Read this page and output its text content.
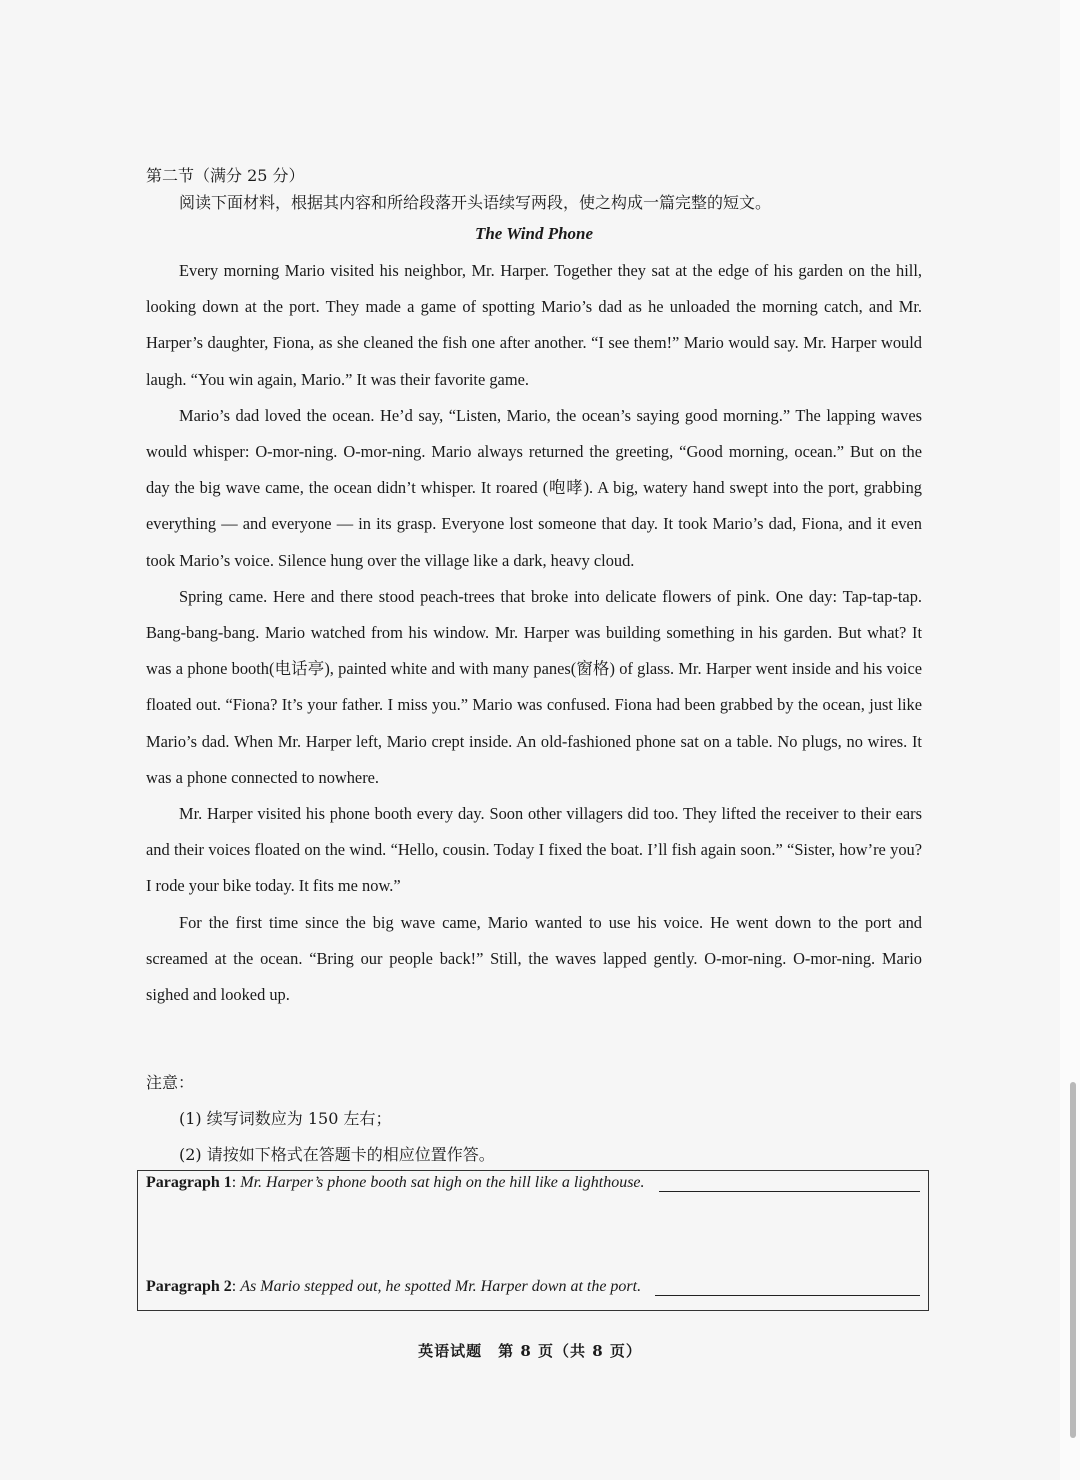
第二节（满分 25 分）

阅读下面材料，根据其内容和所给段落开头语续写两段，使之构成一篇完整的短文。

The Wind Phone

Every morning Mario visited his neighbor, Mr. Harper. Together they sat at the edge of his garden on the hill, looking down at the port. They made a game of spotting Mario’s dad as he unloaded the morning catch, and Mr. Harper’s daughter, Fiona, as she cleaned the fish one after another. “I see them!” Mario would say. Mr. Harper would laugh. “You win again, Mario.” It was their favorite game.

Mario’s dad loved the ocean. He’d say, “Listen, Mario, the ocean’s saying good morning.” The lapping waves would whisper: O-mor-ning. O-mor-ning. Mario always returned the greeting, “Good morning, ocean.” But on the day the big wave came, the ocean didn’t whisper. It roared (咆哮). A big, watery hand swept into the port, grabbing everything — and everyone — in its grasp. Everyone lost someone that day. It took Mario’s dad, Fiona, and it even took Mario’s voice. Silence hung over the village like a dark, heavy cloud.

Spring came. Here and there stood peach-trees that broke into delicate flowers of pink. One day: Tap-tap-tap. Bang-bang-bang. Mario watched from his window. Mr. Harper was building something in his garden. But what? It was a phone booth(电话亭), painted white and with many panes(窗格) of glass. Mr. Harper went inside and his voice floated out. “Fiona? It’s your father. I miss you.” Mario was confused. Fiona had been grabbed by the ocean, just like Mario’s dad. When Mr. Harper left, Mario crept inside. An old-fashioned phone sat on a table. No plugs, no wires. It was a phone connected to nowhere.

Mr. Harper visited his phone booth every day. Soon other villagers did too. They lifted the receiver to their ears and their voices floated on the wind. “Hello, cousin. Today I fixed the boat. I’ll fish again soon.” “Sister, how’re you? I rode your bike today. It fits me now.”

For the first time since the big wave came, Mario wanted to use his voice. He went down to the port and screamed at the ocean. “Bring our people back!” Still, the waves lapped gently. O-mor-ning. O-mor-ning. Mario sighed and looked up.

注意：

(1) 续写词数应为 150 左右；

(2) 请按如下格式在答题卡的相应位置作答。

Paragraph 1 : Mr. Harper’s phone booth sat high on the hill like a lighthouse.
Paragraph 2 : As Mario stepped out, he spotted Mr. Harper down at the port.
英语试题　第 8 页（共 8 页）
